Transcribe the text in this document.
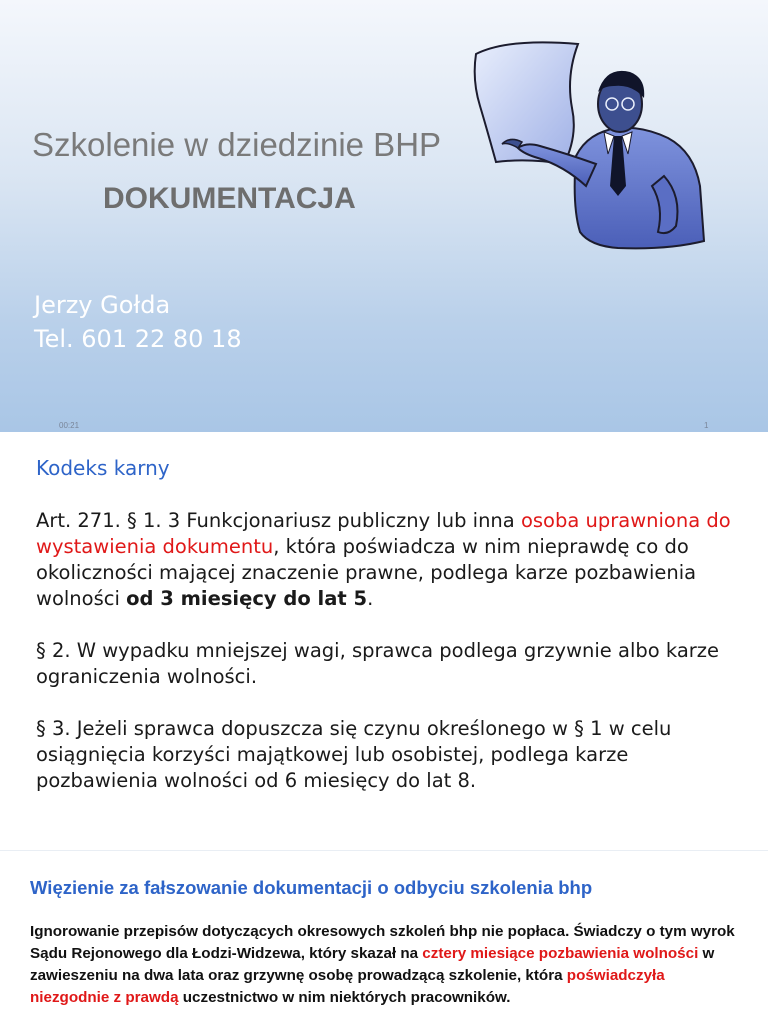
Szkolenie w dziedzinie BHP
DOKUMENTACJA
Jerzy Gołda
Tel. 601 22 80 18
00:21	1
Kodeks karny

Art. 271. § 1. 3 Funkcjonariusz publiczny lub inna osoba uprawniona do wystawienia dokumentu, która poświadcza w nim nieprawdę co do okoliczności mającej znaczenie prawne, podlega karze pozbawienia wolności od 3 miesięcy do lat 5.

§ 2. W wypadku mniejszej wagi, sprawca podlega grzywnie albo karze ograniczenia wolności.

§ 3. Jeżeli sprawca dopuszcza się czynu określonego w § 1 w celu osiągnięcia korzyści majątkowej lub osobistej, podlega karze pozbawienia wolności od 6 miesięcy do lat 8.

Więzienie za fałszowanie dokumentacji o odbyciu szkolenia bhp
Ignorowanie przepisów dotyczących okresowych szkoleń bhp nie popłaca. Świadczy o tym wyrok Sądu Rejonowego dla Łodzi-Widzewa, który skazał na cztery miesiące pozbawienia wolności w zawieszeniu na dwa lata oraz grzywnę osobę prowadzącą szkolenie, która poświadczyła niezgodnie z prawdą uczestnictwo w nim niektórych pracowników.
